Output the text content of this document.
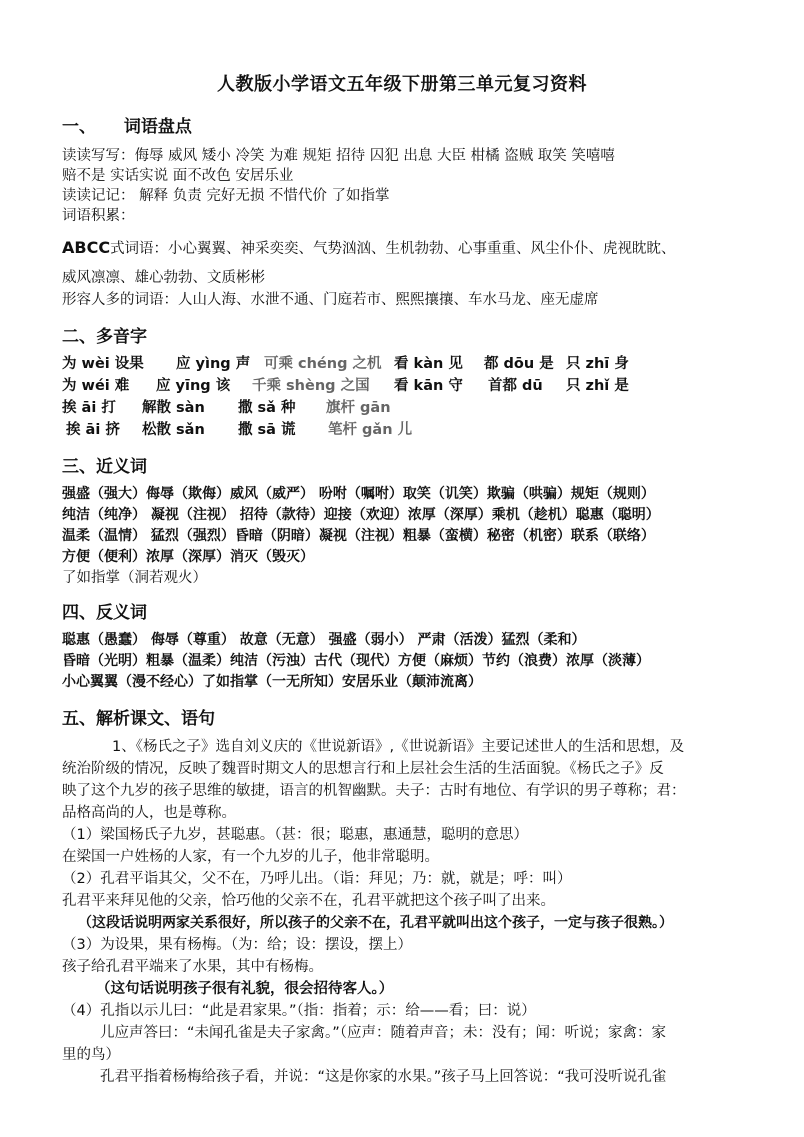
人教版小学语文五年级下册第三单元复习资料
一、 词语盘点
读读写写：侮辱 威风 矮小 冷笑 为难 规矩 招待 囚犯 出息 大臣 柑橘 盗贼 取笑 笑嘻嘻
赔不是 实话实说 面不改色 安居乐业
读读记记： 解释 负责 完好无损 不惜代价 了如指掌
词语积累：
ABCC式词语：小心翼翼、神采奕奕、气势汹汹、生机勃勃、心事重重、风尘仆仆、虎视眈眈、
威风凛凛、雄心勃勃、文质彬彬
形容人多的词语：人山人海、水泄不通、门庭若市、熙熙攘攘、车水马龙、座无虚席
二、多音字
为 wèi 设果 应 yìng 声 可乘 chéng 之机 看 kàn 见 都 dōu 是 只 zhī 身
为 wéi 难 应 yīng 该 千乘 shèng 之国 看 kān 守 首都 dū 只 zhǐ 是
挨 āi 打 解散 sàn 撒 sǎ 种 旗杆 gān
挨 āi 挤 松散 sǎn 撒 sā 谎 笔杆 gǎn 儿
三、近义词
强盛（强大）侮辱（欺侮）威风（威严） 吩咐（嘱咐）取笑（讥笑）欺骗（哄骗）规矩（规则）
纯洁（纯净） 凝视（注视） 招待（款待）迎接（欢迎）浓厚（深厚）乘机（趁机）聪惠（聪明）
温柔（温情） 猛烈（强烈）昏暗（阴暗）凝视（注视）粗暴（蛮横）秘密（机密）联系（联络）
方便（便利）浓厚（深厚）消灭（毁灭）
了如指掌（洞若观火）
四、反义词
聪惠（愚蠢） 侮辱（尊重） 故意（无意） 强盛（弱小） 严肃（活泼）猛烈（柔和）
昏暗（光明）粗暴（温柔）纯洁（污浊）古代（现代）方便（麻烦）节约（浪费）浓厚（淡薄）
小心翼翼（漫不经心）了如指掌（一无所知）安居乐业（颠沛流离）
五、解析课文、语句
1、《杨氏之子》选自刘义庆的《世说新语》,《世说新语》主要记述世人的生活和思想，及
统治阶级的情况，反映了魏晋时期文人的思想言行和上层社会生活的生活面貌。《杨氏之子》反
映了这个九岁的孩子思维的敏捷，语言的机智幽默。夫子：古时有地位、有学识的男子尊称；君：
品格高尚的人，也是尊称。
（1）梁国杨氏子九岁，甚聪惠。（甚：很；聪惠，惠通慧，聪明的意思）
在梁国一户姓杨的人家，有一个九岁的儿子，他非常聪明。
（2）孔君平诣其父，父不在，乃呼儿出。（诣：拜见；乃：就，就是；呼：叫）
孔君平来拜见他的父亲，恰巧他的父亲不在，孔君平就把这个孩子叫了出来。
（这段话说明两家关系很好，所以孩子的父亲不在，孔君平就叫出这个孩子，一定与孩子很熟。）
（3）为设果，果有杨梅。（为：给；设：摆设，摆上）
孩子给孔君平端来了水果，其中有杨梅。
（这句话说明孩子很有礼貌，很会招待客人。）
（4）孔指以示儿曰：“此是君家果。”（指：指着；示：给——看；曰：说）
儿应声答曰：“未闻孔雀是夫子家禽。”（应声：随着声音；未：没有；闻：听说；家禽：家
里的鸟）
孔君平指着杨梅给孩子看，并说：“这是你家的水果。”孩子马上回答说：“我可没听说孔雀
